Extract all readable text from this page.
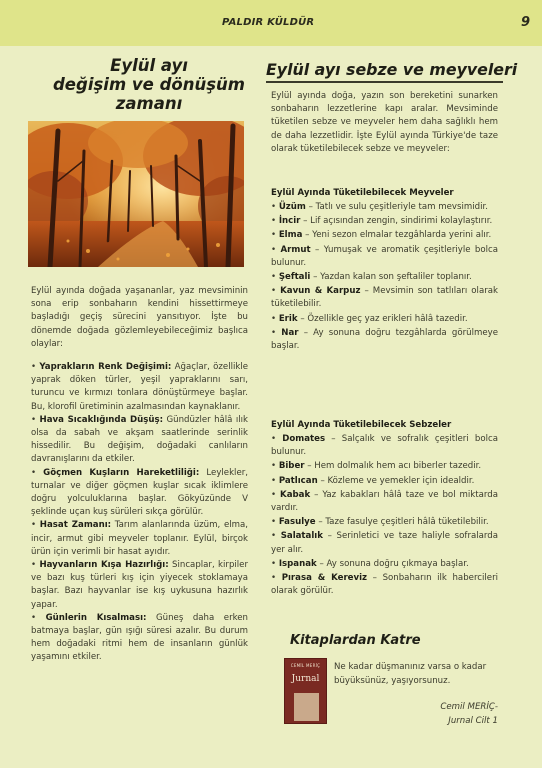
PALDIR KÜLDÜR	9
Eylül ayı
değişim ve dönüşüm
zamanı

Eylül ayında doğada yaşananlar, yaz mevsiminin sona erip sonbaharın kendini hissettirmeye başladığı geçiş sürecini yansıtıyor. İşte bu dönemde doğada gözlemleyebileceğimiz başlıca olaylar:

• Yaprakların Renk Değişimi: Ağaçlar, özellikle yaprak döken türler, yeşil yapraklarını sarı, turuncu ve kırmızı tonlara dönüştürmeye başlar. Bu, klorofil üretiminin azalmasından kaynaklanır.
• Hava Sıcaklığında Düşüş: Gündüzler hâlâ ılık olsa da sabah ve akşam saatlerinde serinlik hissedilir. Bu değişim, doğadaki canlıların davranışlarını da etkiler.
• Göçmen Kuşların Hareketliliği: Leylekler, turnalar ve diğer göçmen kuşlar sıcak iklimlere doğru yolculuklarına başlar. Gökyüzünde V şeklinde uçan kuş sürüleri sıkça görülür.
• Hasat Zamanı: Tarım alanlarında üzüm, elma, incir, armut gibi meyveler toplanır. Eylül, birçok ürün için verimli bir hasat ayıdır.
• Hayvanların Kışa Hazırlığı: Sincaplar, kirpiler ve bazı kuş türleri kış için yiyecek stoklamaya başlar. Bazı hayvanlar ise kış uykusuna hazırlık yapar.
• Günlerin Kısalması: Güneş daha erken batmaya başlar, gün ışığı süresi azalır. Bu durum hem doğadaki ritmi hem de insanların günlük yaşamını etkiler.
Eylül ayı sebze ve meyveleri
Eylül ayında doğa, yazın son bereketini sunarken sonbaharın lezzetlerine kapı aralar. Mevsiminde tüketilen sebze ve meyveler hem daha sağlıklı hem de daha lezzetlidir. İşte Eylül ayında Türkiye'de taze olarak tüketilebilecek sebze ve meyveler:
Eylül Ayında Tüketilebilecek Meyveler
• Üzüm – Tatlı ve sulu çeşitleriyle tam mevsimidir.
• İncir – Lif açısından zengin, sindirimi kolaylaştırır.
• Elma – Yeni sezon elmalar tezgâhlarda yerini alır.
• Armut – Yumuşak ve aromatik çeşitleriyle bolca bulunur.
• Şeftali – Yazdan kalan son şeftaliler toplanır.
• Kavun & Karpuz – Mevsimin son tatlıları olarak tüketilebilir.
• Erik – Özellikle geç yaz erikleri hâlâ tazedir.
• Nar – Ay sonuna doğru tezgâhlarda görülmeye başlar.
Eylül Ayında Tüketilebilecek Sebzeler
• Domates – Salçalık ve sofralık çeşitleri bolca bulunur.
• Biber – Hem dolmalık hem acı biberler tazedir.
• Patlıcan – Közleme ve yemekler için idealdir.
• Kabak – Yaz kabakları hâlâ taze ve bol miktarda vardır.
• Fasulye – Taze fasulye çeşitleri hâlâ tüketilebilir.
• Salatalık – Serinletici ve taze haliyle sofralarda yer alır.
• Ispanak – Ay sonuna doğru çıkmaya başlar.
• Pırasa & Kereviz – Sonbaharın ilk habercileri olarak görülür.
Kitaplardan Katre
CEMİL MERİÇ
Jurnal
Ne kadar düşmanınız varsa o kadar büyüksünüz, yaşıyorsunuz.
Cemil MERİÇ-
Jurnal Cilt 1
